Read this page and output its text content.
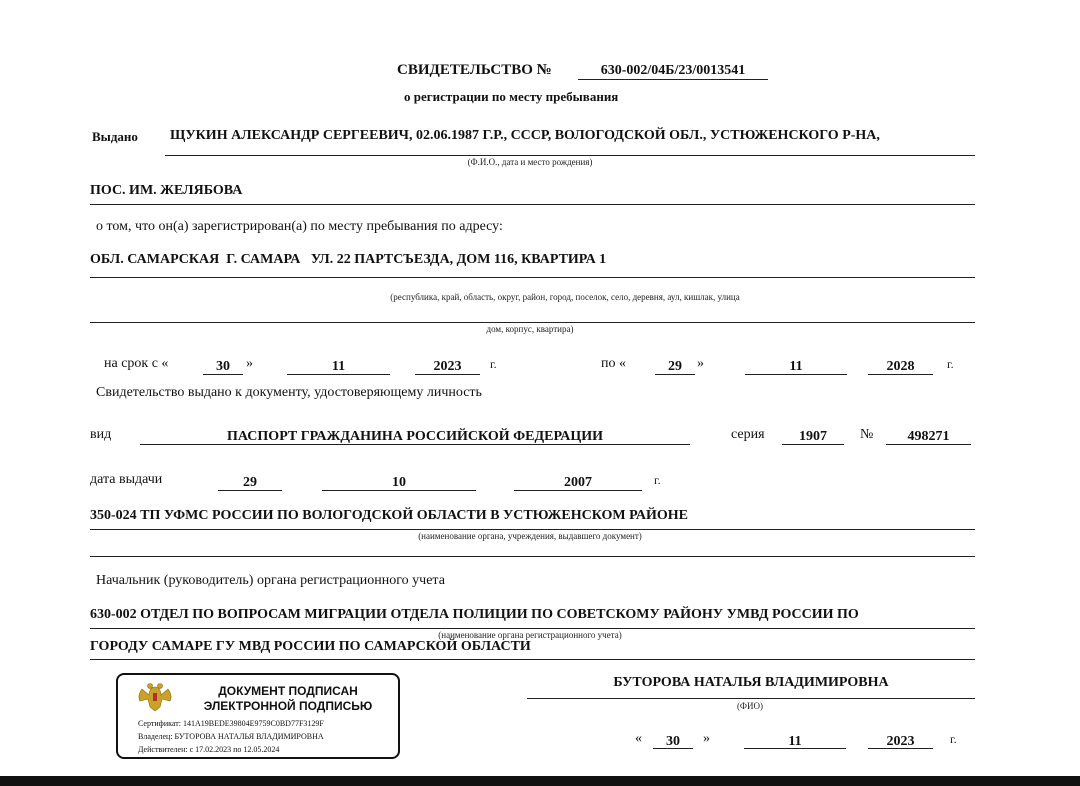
СВИДЕТЕЛЬСТВО №	630-002/04Б/23/0013541
о регистрации по месту пребывания
Выдано ЩУКИН АЛЕКСАНДР СЕРГЕЕВИЧ, 02.06.1987 Г.Р., СССР, ВОЛОГОДСКОЙ ОБЛ., УСТЮЖЕНСКОГО Р-НА,
(Ф.И.О., дата и место рождения)
ПОС. ИМ. ЖЕЛЯБОВА
о том, что он(а) зарегистрирован(а) по месту пребывания по адресу:
ОБЛ. САМАРСКАЯ  Г. САМАРА   УЛ. 22 ПАРТСЪЕЗДА, ДОМ 116, КВАРТИРА 1
(республика, край, область, округ, район, город, поселок, село, деревня, аул, кишлак, улица
дом, корпус, квартира)
на срок с «	30	»	11	2023	г.	по «	29	»	11	2028	г.
Свидетельство выдано к документу, удостоверяющему личность
вид	ПАСПОРТ ГРАЖДАНИНА РОССИЙСКОЙ ФЕДЕРАЦИИ	серия	1907	№	498271
дата выдачи	29	10	2007	г.
350-024 ТП УФМС РОССИИ ПО ВОЛОГОДСКОЙ ОБЛАСТИ В УСТЮЖЕНСКОМ РАЙОНЕ
(наименование органа, учреждения, выдавшего документ)
Начальник (руководитель) органа регистрационного учета
630-002 ОТДЕЛ ПО ВОПРОСАМ МИГРАЦИИ ОТДЕЛА ПОЛИЦИИ ПО СОВЕТСКОМУ РАЙОНУ УМВД РОССИИ ПО
(наименование органа регистрационного учета)
ГОРОДУ САМАРЕ ГУ МВД РОССИИ ПО САМАРСКОЙ ОБЛАСТИ
ДОКУМЕНТ ПОДПИСАН
ЭЛЕКТРОННОЙ ПОДПИСЬЮ
Сертификат: 141A19BEDE39804E9759C0BD77F3129F
Владелец: БУТОРОВА НАТАЛЬЯ ВЛАДИМИРОВНА
Действителен: с 17.02.2023 по 12.05.2024
БУТОРОВА НАТАЛЬЯ ВЛАДИМИРОВНА
(ФИО)
«	30	»	11	2023	г.
